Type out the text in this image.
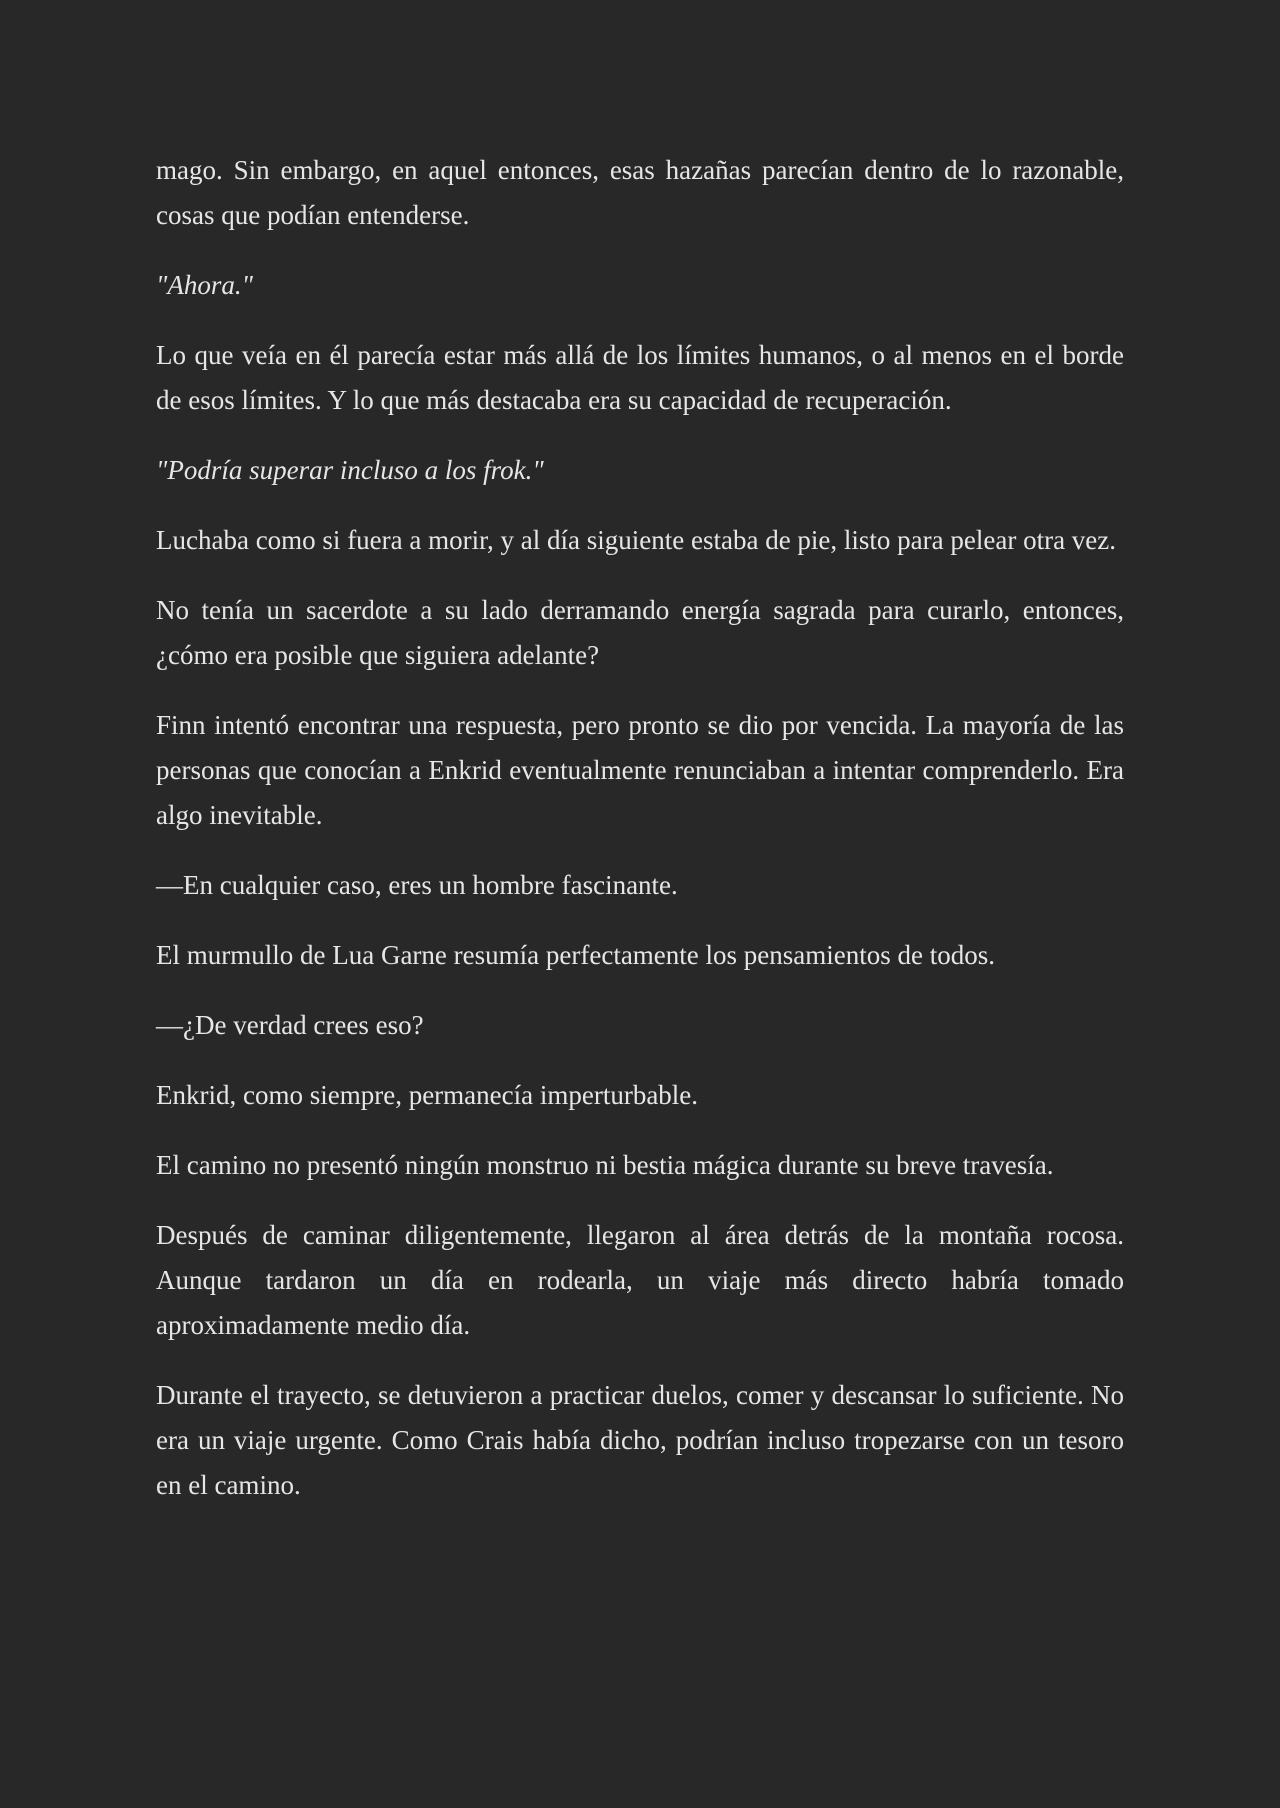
mago. Sin embargo, en aquel entonces, esas hazañas parecían dentro de lo razonable, cosas que podían entenderse.

"Ahora."

Lo que veía en él parecía estar más allá de los límites humanos, o al menos en el borde de esos límites. Y lo que más destacaba era su capacidad de recuperación.

"Podría superar incluso a los frok."

Luchaba como si fuera a morir, y al día siguiente estaba de pie, listo para pelear otra vez.

No tenía un sacerdote a su lado derramando energía sagrada para curarlo, entonces, ¿cómo era posible que siguiera adelante?

Finn intentó encontrar una respuesta, pero pronto se dio por vencida. La mayoría de las personas que conocían a Enkrid eventualmente renunciaban a intentar comprenderlo. Era algo inevitable.

—En cualquier caso, eres un hombre fascinante.

El murmullo de Lua Garne resumía perfectamente los pensamientos de todos.

—¿De verdad crees eso?

Enkrid, como siempre, permanecía imperturbable.

El camino no presentó ningún monstruo ni bestia mágica durante su breve travesía.

Después de caminar diligentemente, llegaron al área detrás de la montaña rocosa. Aunque tardaron un día en rodearla, un viaje más directo habría tomado aproximadamente medio día.

Durante el trayecto, se detuvieron a practicar duelos, comer y descansar lo suficiente. No era un viaje urgente. Como Crais había dicho, podrían incluso tropezarse con un tesoro en el camino.
